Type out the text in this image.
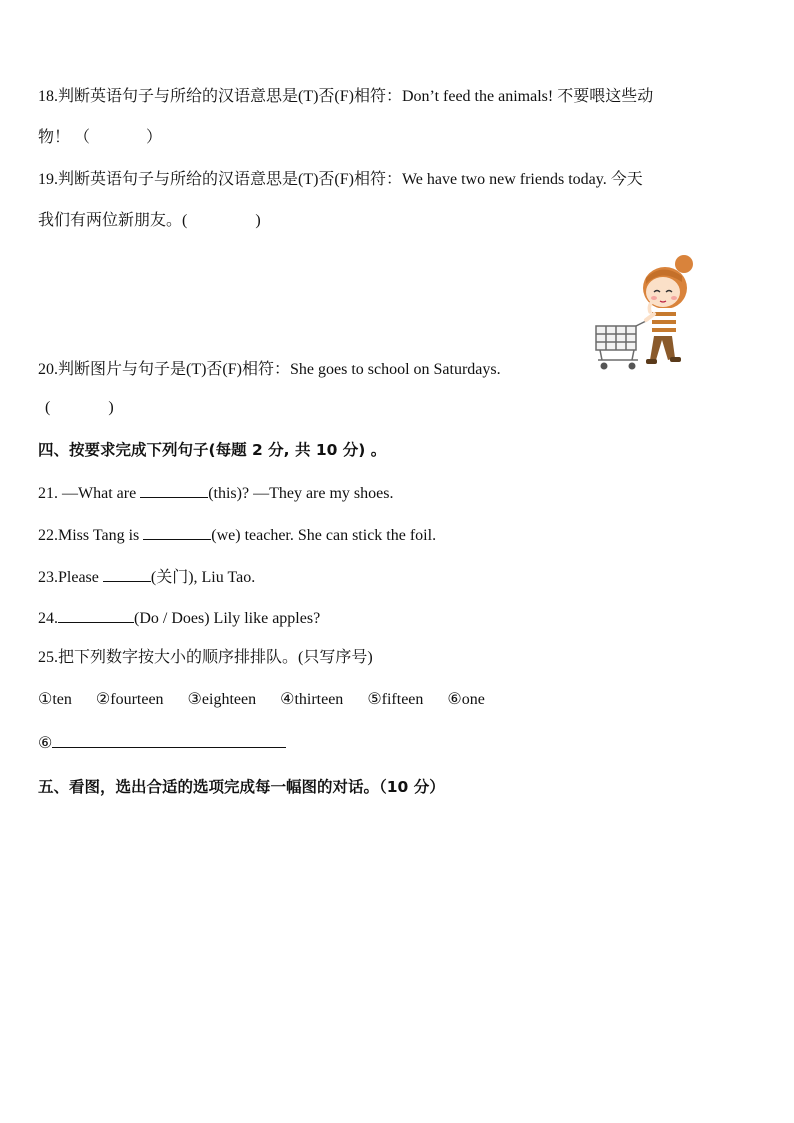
18.判断英语句子与所给的汉语意思是(T)否(F)相符：Don’t feed the animals! 不要喂这些动
物！ （	）
19.判断英语句子与所给的汉语意思是(T)否(F)相符：We have two new friends today. 今天
我们有两位新朋友。(	)
20.判断图片与句子是(T)否(F)相符：She goes to school on Saturdays.
(	)
四、按要求完成下列句子(每题 2 分, 共 10 分) 。
21. —What are	(this)? —They are my shoes.
22.Miss Tang is	(we) teacher. She can stick the foil.
23.Please	(关门), Liu Tao.
24.	(Do / Does) Lily like apples?
25.把下列数字按大小的顺序排排队。(只写序号)
①ten ②fourteen ③eighteen ④thirteen ⑤fifteen ⑥one
⑥
五、看图，选出合适的选项完成每一幅图的对话。（10 分）
